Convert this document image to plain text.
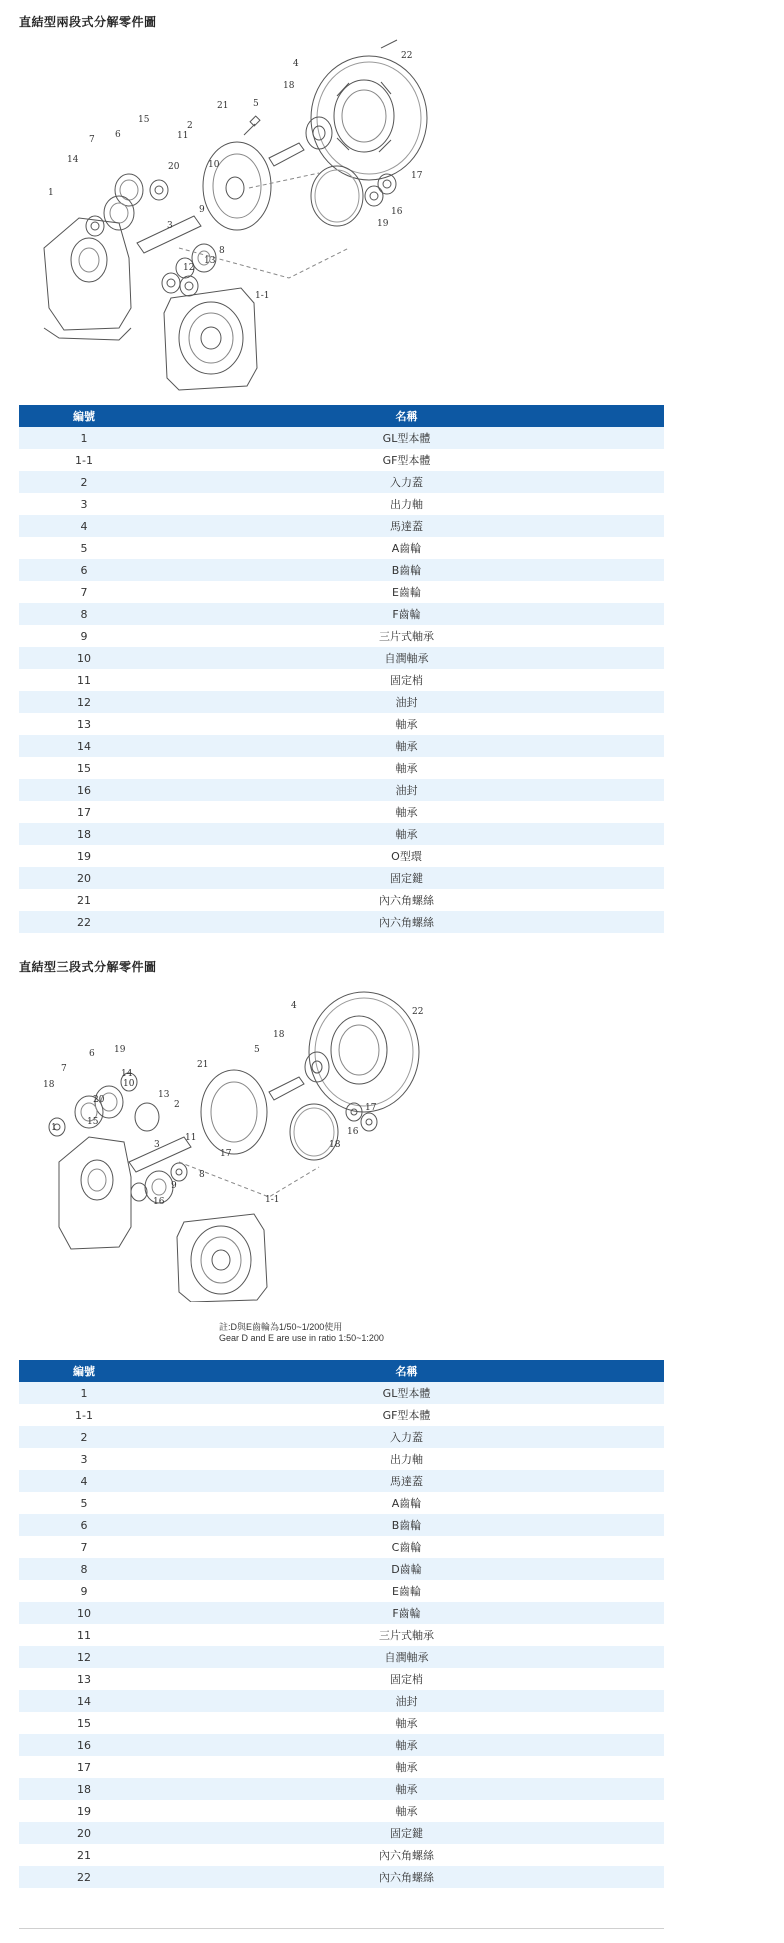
直結型兩段式分解零件圖
22
4
18
21	5
15
2
11
7 6
14
20	10
1
3
9
12
13
8
1-1
17
16
19
編號	名稱
1	GL型本體
1-1	GF型本體
2	入力蓋
3	出力軸
4	馬達蓋
5	A齒輪
6	B齒輪
7	E齒輪
8	F齒輪
9	三片式軸承
10	自潤軸承
11	固定梢
12	油封
13	軸承
14	軸承
15	軸承
16	油封
17	軸承
18	軸承
19	O型環
20	固定鍵
21	內六角螺絲
22	內六角螺絲
直結型三段式分解零件圖
22
4
18
5
21
19
6
7
18
15
20
10
13
2
14
11
1
3
17
9
8
16	1-1
16
18
17
註:D與E齒輪為1/50~1/200使用
Gear D and E are use in ratio 1:50~1:200
編號	名稱
1	GL型本體
1-1	GF型本體
2	入力蓋
3	出力軸
4	馬達蓋
5	A齒輪
6	B齒輪
7	C齒輪
8	D齒輪
9	E齒輪
10	F齒輪
11	三片式軸承
12	自潤軸承
13	固定梢
14	油封
15	軸承
16	軸承
17	軸承
18	軸承
19	軸承
20	固定鍵
21	內六角螺絲
22	內六角螺絲
